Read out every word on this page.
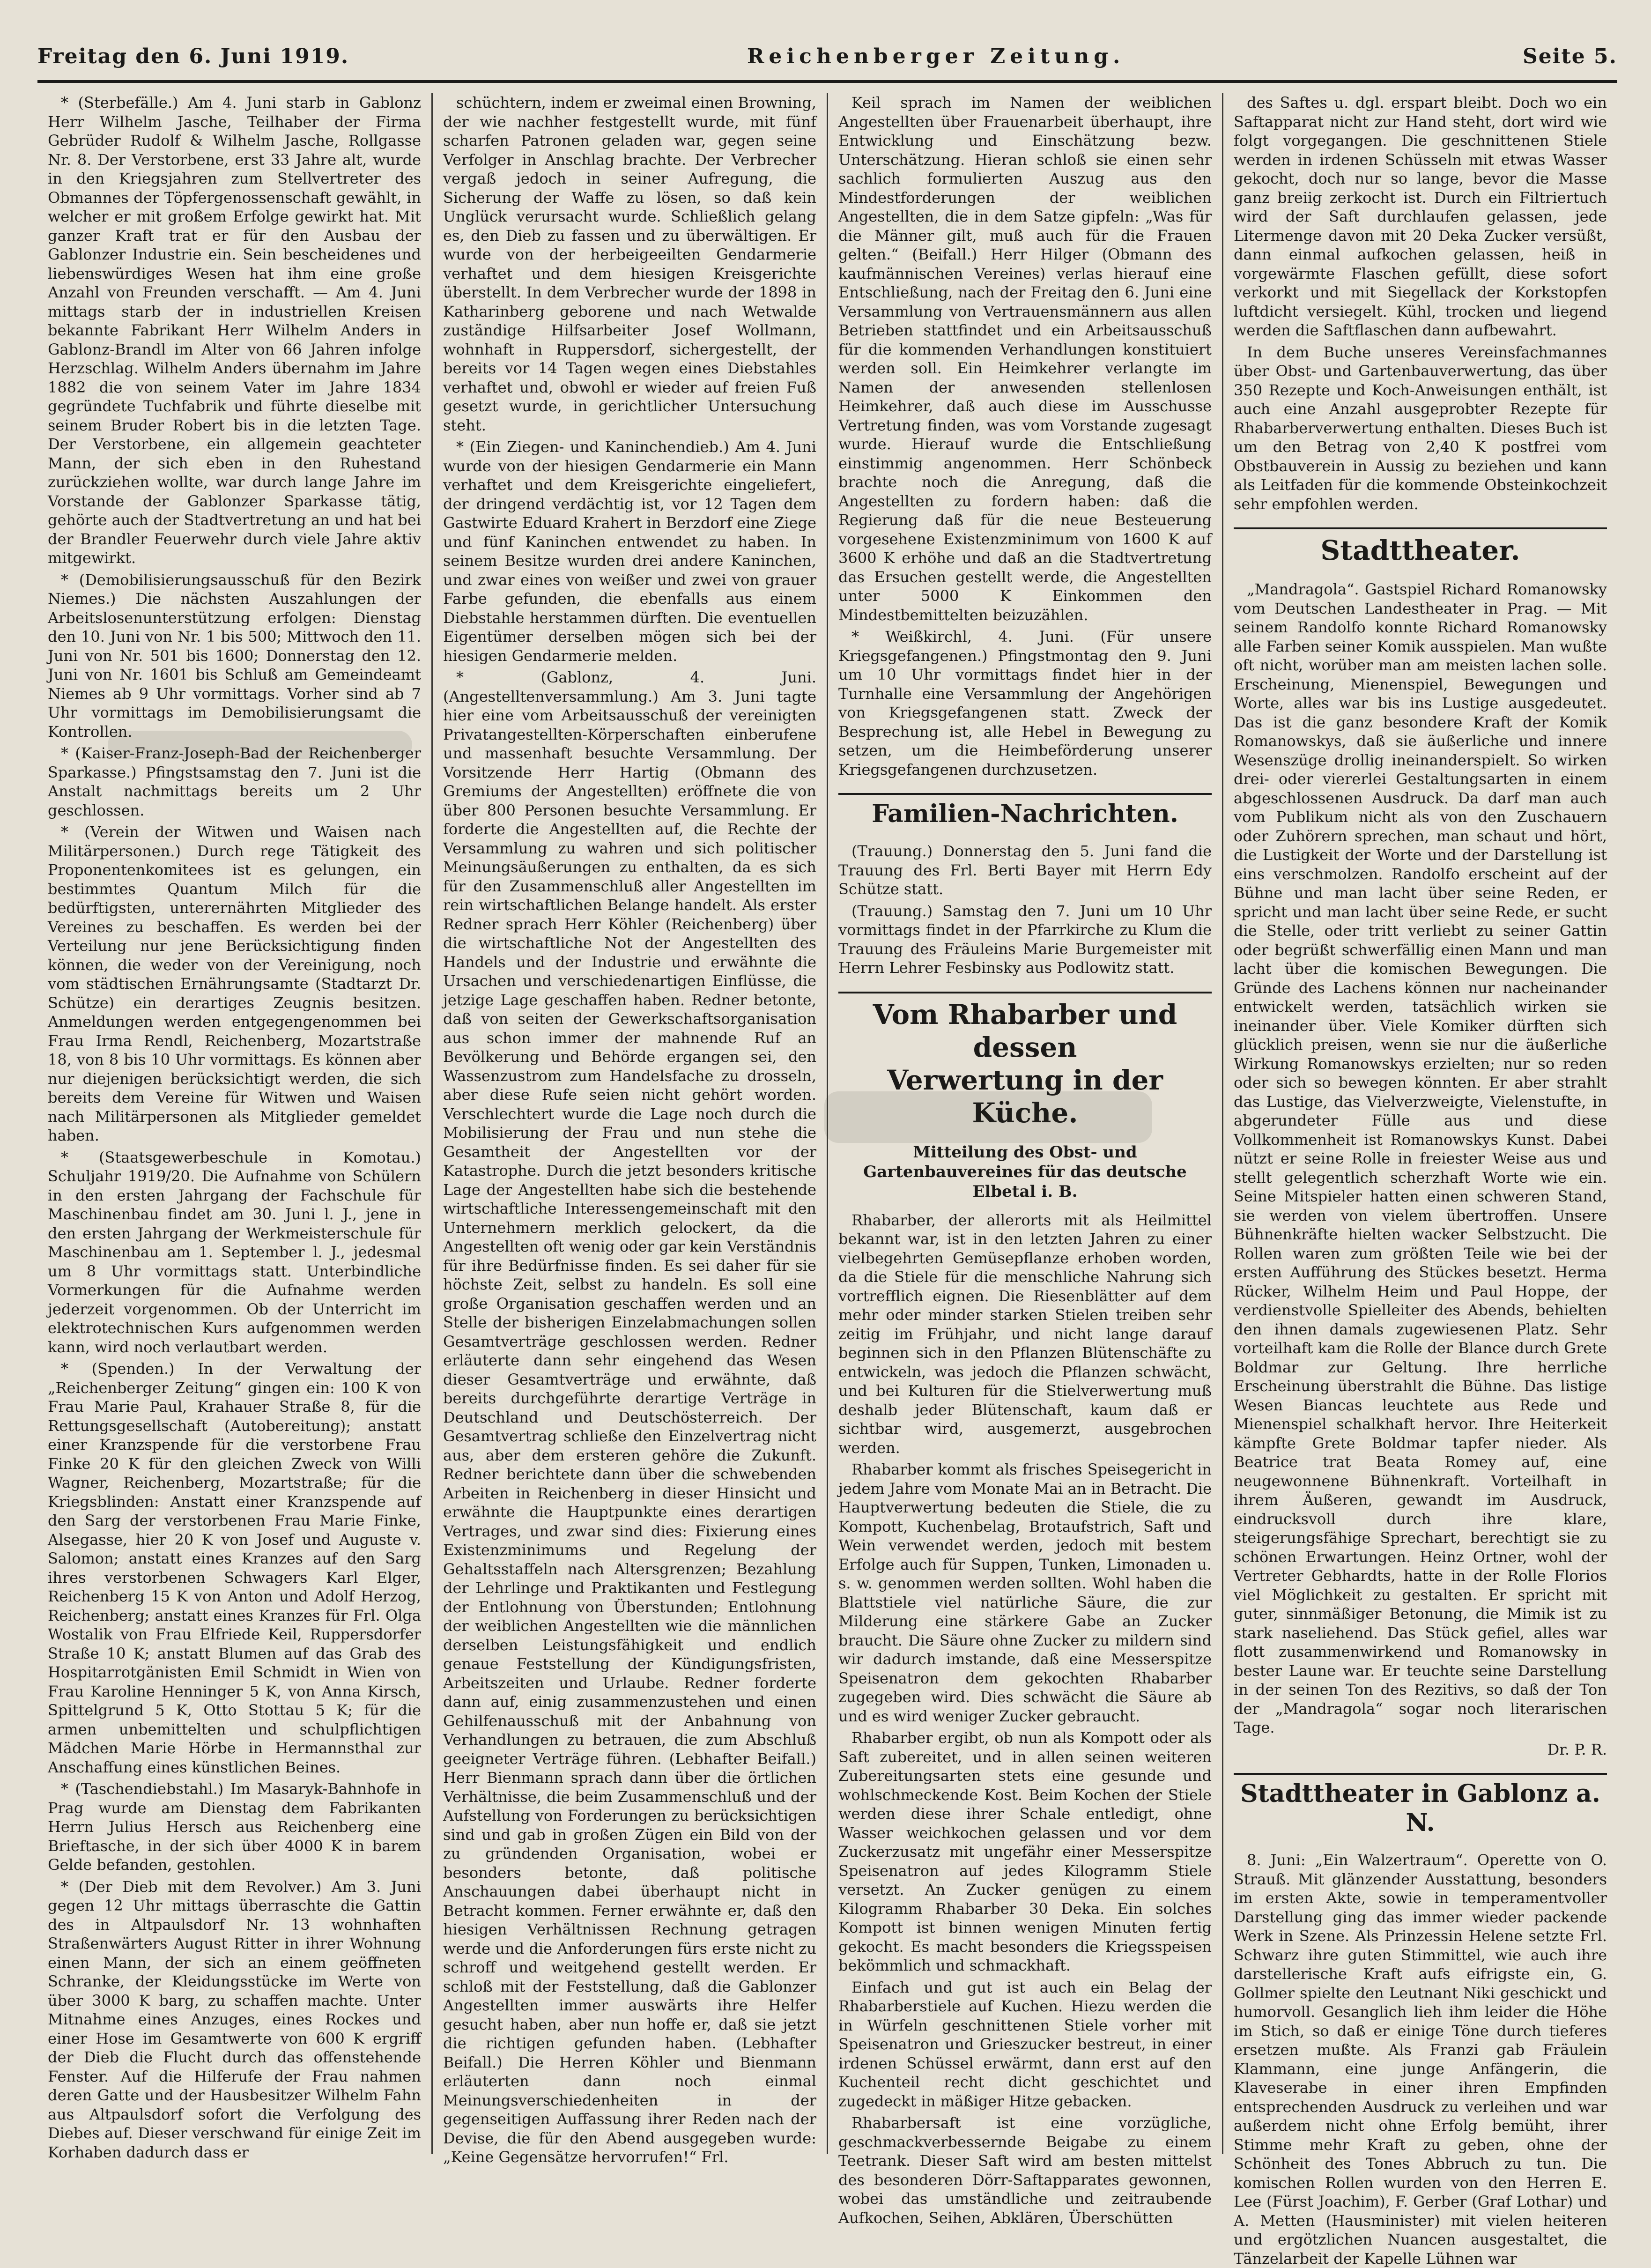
Freitag den 6. Juni 1919.	Reichenberger Zeitung.	Seite 5.

* (Sterbefälle.) Am 4. Juni starb in Gablonz Herr Wilhelm Jasche, Teilhaber der Firma Gebrüder Rudolf & Wilhelm Jasche, Rollgasse Nr. 8. Der Verstorbene, erst 33 Jahre alt, wurde in den Kriegsjahren zum Stellvertreter des Obmannes der Töpfergenossenschaft gewählt, in welcher er mit großem Erfolge gewirkt hat. Mit ganzer Kraft trat er für den Ausbau der Gablonzer Industrie ein. Sein bescheidenes und liebenswürdiges Wesen hat ihm eine große Anzahl von Freunden verschafft. — Am 4. Juni mittags starb der in industriellen Kreisen bekannte Fabrikant Herr Wilhelm Anders in Gablonz-Brandl im Alter von 66 Jahren infolge Herzschlag. Wilhelm Anders übernahm im Jahre 1882 die von seinem Vater im Jahre 1834 gegründete Tuchfabrik und führte dieselbe mit seinem Bruder Robert bis in die letzten Tage. Der Verstorbene, ein allgemein geachteter Mann, der sich eben in den Ruhestand zurückziehen wollte, war durch lange Jahre im Vorstande der Gablonzer Sparkasse tätig, gehörte auch der Stadtvertretung an und hat bei der Brandler Feuerwehr durch viele Jahre aktiv mitgewirkt.

* (Demobilisierungsausschuß für den Bezirk Niemes.) Die nächsten Auszahlungen der Arbeitslosenunterstützung erfolgen: Dienstag den 10. Juni von Nr. 1 bis 500; Mittwoch den 11. Juni von Nr. 501 bis 1600; Donnerstag den 12. Juni von Nr. 1601 bis Schluß am Gemeindeamt Niemes ab 9 Uhr vormittags. Vorher sind ab 7 Uhr vormittags im Demobilisierungsamt die Kontrollen.

* (Kaiser-Franz-Joseph-Bad der Reichenberger Sparkasse.) Pfingstsamstag den 7. Juni ist die Anstalt nachmittags bereits um 2 Uhr geschlossen.

* (Verein der Witwen und Waisen nach Militärpersonen.) Durch rege Tätigkeit des Proponentenkomitees ist es gelungen, ein bestimmtes Quantum Milch für die bedürftigsten, unterernährten Mitglieder des Vereines zu beschaffen. Es werden bei der Verteilung nur jene Berücksichtigung finden können, die weder von der Vereinigung, noch vom städtischen Ernährungsamte (Stadtarzt Dr. Schütze) ein derartiges Zeugnis besitzen. Anmeldungen werden entgegengenommen bei Frau Irma Rendl, Reichenberg, Mozartstraße 18, von 8 bis 10 Uhr vormittags. Es können aber nur diejenigen berücksichtigt werden, die sich bereits dem Vereine für Witwen und Waisen nach Militärpersonen als Mitglieder gemeldet haben.

* (Staatsgewerbeschule in Komotau.) Schuljahr 1919/20. Die Aufnahme von Schülern in den ersten Jahrgang der Fachschule für Maschinenbau findet am 30. Juni l. J., jene in den ersten Jahrgang der Werkmeisterschule für Maschinenbau am 1. September l. J., jedesmal um 8 Uhr vormittags statt. Unterbindliche Vormerkungen für die Aufnahme werden jederzeit vorgenommen. Ob der Unterricht im elektrotechnischen Kurs aufgenommen werden kann, wird noch verlautbart werden.

* (Spenden.) In der Verwaltung der „Reichenberger Zeitung“ gingen ein: 100 K von Frau Marie Paul, Krahauer Straße 8, für die Rettungsgesellschaft (Autobereitung); anstatt einer Kranzspende für die verstorbene Frau Finke 20 K für den gleichen Zweck von Willi Wagner, Reichenberg, Mozartstraße; für die Kriegsblinden: Anstatt einer Kranzspende auf den Sarg der verstorbenen Frau Marie Finke, Alsegasse, hier 20 K von Josef und Auguste v. Salomon; anstatt eines Kranzes auf den Sarg ihres verstorbenen Schwagers Karl Elger, Reichenberg 15 K von Anton und Adolf Herzog, Reichenberg; anstatt eines Kranzes für Frl. Olga Wostalik von Frau Elfriede Keil, Ruppersdorfer Straße 10 K; anstatt Blumen auf das Grab des Hospitarrotgänisten Emil Schmidt in Wien von Frau Karoline Henninger 5 K, von Anna Kirsch, Spittelgrund 5 K, Otto Stottau 5 K; für die armen unbemittelten und schulpflichtigen Mädchen Marie Hörbe in Hermannsthal zur Anschaffung eines künstlichen Beines.

* (Taschendiebstahl.) Im Masaryk-Bahnhofe in Prag wurde am Dienstag dem Fabrikanten Herrn Julius Hersch aus Reichenberg eine Brieftasche, in der sich über 4000 K in barem Gelde befanden, gestohlen.

* (Der Dieb mit dem Revolver.) Am 3. Juni gegen 12 Uhr mittags überraschte die Gattin des in Altpaulsdorf Nr. 13 wohnhaften Straßenwärters August Ritter in ihrer Wohnung einen Mann, der sich an einem geöffneten Schranke, der Kleidungsstücke im Werte von über 3000 K barg, zu schaffen machte. Unter Mitnahme eines Anzuges, eines Rockes und einer Hose im Gesamtwerte von 600 K ergriff der Dieb die Flucht durch das offenstehende Fenster. Auf die Hilferufe der Frau nahmen deren Gatte und der Hausbesitzer Wilhelm Fahn aus Altpaulsdorf sofort die Verfolgung des Diebes auf. Dieser verschwand für einige Zeit im Korhaben dadurch dass er

schüchtern, indem er zweimal einen Browning, der wie nachher festgestellt wurde, mit fünf scharfen Patronen geladen war, gegen seine Verfolger in Anschlag brachte. Der Verbrecher vergaß jedoch in seiner Aufregung, die Sicherung der Waffe zu lösen, so daß kein Unglück verursacht wurde. Schließlich gelang es, den Dieb zu fassen und zu überwältigen. Er wurde von der herbeigeeilten Gendarmerie verhaftet und dem hiesigen Kreisgerichte überstellt. In dem Verbrecher wurde der 1898 in Katharinberg geborene und nach Wetwalde zuständige Hilfsarbeiter Josef Wollmann, wohnhaft in Ruppersdorf, sichergestellt, der bereits vor 14 Tagen wegen eines Diebstahles verhaftet und, obwohl er wieder auf freien Fuß gesetzt wurde, in gerichtlicher Untersuchung steht.

* (Ein Ziegen- und Kaninchendieb.) Am 4. Juni wurde von der hiesigen Gendarmerie ein Mann verhaftet und dem Kreisgerichte eingeliefert, der dringend verdächtig ist, vor 12 Tagen dem Gastwirte Eduard Krahert in Berzdorf eine Ziege und fünf Kaninchen entwendet zu haben. In seinem Besitze wurden drei andere Kaninchen, und zwar eines von weißer und zwei von grauer Farbe gefunden, die ebenfalls aus einem Diebstahle herstammen dürften. Die eventuellen Eigentümer derselben mögen sich bei der hiesigen Gendarmerie melden.

* (Gablonz, 4. Juni. (Angestelltenversammlung.) Am 3. Juni tagte hier eine vom Arbeitsausschuß der vereinigten Privatangestellten-Körperschaften einberufene und massenhaft besuchte Versammlung. Der Vorsitzende Herr Hartig (Obmann des Gremiums der Angestellten) eröffnete die von über 800 Personen besuchte Versammlung. Er forderte die Angestellten auf, die Rechte der Versammlung zu wahren und sich politischer Meinungsäußerungen zu enthalten, da es sich für den Zusammenschluß aller Angestellten im rein wirtschaftlichen Belange handelt. Als erster Redner sprach Herr Köhler (Reichenberg) über die wirtschaftliche Not der Angestellten des Handels und der Industrie und erwähnte die Ursachen und verschiedenartigen Einflüsse, die jetzige Lage geschaffen haben. Redner betonte, daß von seiten der Gewerkschaftsorganisation aus schon immer der mahnende Ruf an Bevölkerung und Behörde ergangen sei, den Wassenzustrom zum Handelsfache zu drosseln, aber diese Rufe seien nicht gehört worden. Verschlechtert wurde die Lage noch durch die Mobilisierung der Frau und nun stehe die Gesamtheit der Angestellten vor der Katastrophe. Durch die jetzt besonders kritische Lage der Angestellten habe sich die bestehende wirtschaftliche Interessengemeinschaft mit den Unternehmern merklich gelockert, da die Angestellten oft wenig oder gar kein Verständnis für ihre Bedürfnisse finden. Es sei daher für sie höchste Zeit, selbst zu handeln. Es soll eine große Organisation geschaffen werden und an Stelle der bisherigen Einzelabmachungen sollen Gesamtverträge geschlossen werden. Redner erläuterte dann sehr eingehend das Wesen dieser Gesamtverträge und erwähnte, daß bereits durchgeführte derartige Verträge in Deutschland und Deutschösterreich. Der Gesamtvertrag schließe den Einzelvertrag nicht aus, aber dem ersteren gehöre die Zukunft. Redner berichtete dann über die schwebenden Arbeiten in Reichenberg in dieser Hinsicht und erwähnte die Hauptpunkte eines derartigen Vertrages, und zwar sind dies: Fixierung eines Existenzminimums und Regelung der Gehaltsstaffeln nach Altersgrenzen; Bezahlung der Lehrlinge und Praktikanten und Festlegung der Entlohnung von Überstunden; Entlohnung der weiblichen Angestellten wie die männlichen derselben Leistungsfähigkeit und endlich genaue Feststellung der Kündigungsfristen, Arbeitszeiten und Urlaube. Redner forderte dann auf, einig zusammenzustehen und einen Gehilfenausschuß mit der Anbahnung von Verhandlungen zu betrauen, die zum Abschluß geeigneter Verträge führen. (Lebhafter Beifall.) Herr Bienmann sprach dann über die örtlichen Verhältnisse, die beim Zusammenschluß und der Aufstellung von Forderungen zu berücksichtigen sind und gab in großen Zügen ein Bild von der zu gründenden Organisation, wobei er besonders betonte, daß politische Anschauungen dabei überhaupt nicht in Betracht kommen. Ferner erwähnte er, daß den hiesigen Verhältnissen Rechnung getragen werde und die Anforderungen fürs erste nicht zu schroff und weitgehend gestellt werden. Er schloß mit der Feststellung, daß die Gablonzer Angestellten immer auswärts ihre Helfer gesucht haben, aber nun hoffe er, daß sie jetzt die richtigen gefunden haben. (Lebhafter Beifall.) Die Herren Köhler und Bienmann erläuterten dann noch einmal Meinungsverschiedenheiten in der gegenseitigen Auffassung ihrer Reden nach der Devise, die für den Abend ausgegeben wurde: „Keine Gegensätze hervorrufen!“ Frl.

Keil sprach im Namen der weiblichen Angestellten über Frauenarbeit überhaupt, ihre Entwicklung und Einschätzung bezw. Unterschätzung. Hieran schloß sie einen sehr sachlich formulierten Auszug aus den Mindestforderungen der weiblichen Angestellten, die in dem Satze gipfeln: „Was für die Männer gilt, muß auch für die Frauen gelten.“ (Beifall.) Herr Hilger (Obmann des kaufmännischen Vereines) verlas hierauf eine Entschließung, nach der Freitag den 6. Juni eine Versammlung von Vertrauensmännern aus allen Betrieben stattfindet und ein Arbeitsausschuß für die kommenden Verhandlungen konstituiert werden soll. Ein Heimkehrer verlangte im Namen der anwesenden stellenlosen Heimkehrer, daß auch diese im Ausschusse Vertretung finden, was vom Vorstande zugesagt wurde. Hierauf wurde die Entschließung einstimmig angenommen. Herr Schönbeck brachte noch die Anregung, daß die Angestellten zu fordern haben: daß die Regierung daß für die neue Besteuerung vorgesehene Existenzminimum von 1600 K auf 3600 K erhöhe und daß an die Stadtvertretung das Ersuchen gestellt werde, die Angestellten unter 5000 K Einkommen den Mindestbemittelten beizuzählen.

* Weißkirchl, 4. Juni. (Für unsere Kriegsgefangenen.) Pfingstmontag den 9. Juni um 10 Uhr vormittags findet hier in der Turnhalle eine Versammlung der Angehörigen von Kriegsgefangenen statt. Zweck der Besprechung ist, alle Hebel in Bewegung zu setzen, um die Heimbeförderung unserer Kriegsgefangenen durchzusetzen.

Familien-Nachrichten.

(Trauung.) Donnerstag den 5. Juni fand die Trauung des Frl. Berti Bayer mit Herrn Edy Schütze statt.

(Trauung.) Samstag den 7. Juni um 10 Uhr vormittags findet in der Pfarrkirche zu Klum die Trauung des Fräuleins Marie Burgemeister mit Herrn Lehrer Fesbinsky aus Podlowitz statt.

Vom Rhabarber und dessen
Verwertung in der Küche.
Mitteilung des Obst- und Gartenbauvereines für das deutsche Elbetal i. B.

Rhabarber, der allerorts mit als Heilmittel bekannt war, ist in den letzten Jahren zu einer vielbegehrten Gemüsepflanze erhoben worden, da die Stiele für die menschliche Nahrung sich vortrefflich eignen. Die Riesenblätter auf dem mehr oder minder starken Stielen treiben sehr zeitig im Frühjahr, und nicht lange darauf beginnen sich in den Pflanzen Blütenschäfte zu entwickeln, was jedoch die Pflanzen schwächt, und bei Kulturen für die Stielverwertung muß deshalb jeder Blütenschaft, kaum daß er sichtbar wird, ausgemerzt, ausgebrochen werden.

Rhabarber kommt als frisches Speisegericht in jedem Jahre vom Monate Mai an in Betracht. Die Hauptverwertung bedeuten die Stiele, die zu Kompott, Kuchenbelag, Brotaufstrich, Saft und Wein verwendet werden, jedoch mit bestem Erfolge auch für Suppen, Tunken, Limonaden u. s. w. genommen werden sollten. Wohl haben die Blattstiele viel natürliche Säure, die zur Milderung eine stärkere Gabe an Zucker braucht. Die Säure ohne Zucker zu mildern sind wir dadurch imstande, daß eine Messerspitze Speisenatron dem gekochten Rhabarber zugegeben wird. Dies schwächt die Säure ab und es wird weniger Zucker gebraucht.

Rhabarber ergibt, ob nun als Kompott oder als Saft zubereitet, und in allen seinen weiteren Zubereitungsarten stets eine gesunde und wohlschmeckende Kost. Beim Kochen der Stiele werden diese ihrer Schale entledigt, ohne Wasser weichkochen gelassen und vor dem Zuckerzusatz mit ungefähr einer Messerspitze Speisenatron auf jedes Kilogramm Stiele versetzt. An Zucker genügen zu einem Kilogramm Rhabarber 30 Deka. Ein solches Kompott ist binnen wenigen Minuten fertig gekocht. Es macht besonders die Kriegsspeisen bekömmlich und schmackhaft.

Einfach und gut ist auch ein Belag der Rhabarberstiele auf Kuchen. Hiezu werden die in Würfeln geschnittenen Stiele vorher mit Speisenatron und Grieszucker bestreut, in einer irdenen Schüssel erwärmt, dann erst auf den Kuchenteil recht dicht geschichtet und zugedeckt in mäßiger Hitze gebacken.

Rhabarbersaft ist eine vorzügliche, geschmackverbessernde Beigabe zu einem Teetrank. Dieser Saft wird am besten mittelst des besonderen Dörr-Saftapparates gewonnen, wobei das umständliche und zeitraubende Aufkochen, Seihen, Abklären, Überschütten

des Saftes u. dgl. erspart bleibt. Doch wo ein Saftapparat nicht zur Hand steht, dort wird wie folgt vorgegangen. Die geschnittenen Stiele werden in irdenen Schüsseln mit etwas Wasser gekocht, doch nur so lange, bevor die Masse ganz breiig zerkocht ist. Durch ein Filtriertuch wird der Saft durchlaufen gelassen, jede Litermenge davon mit 20 Deka Zucker versüßt, dann einmal aufkochen gelassen, heiß in vorgewärmte Flaschen gefüllt, diese sofort verkorkt und mit Siegellack der Korkstopfen luftdicht versiegelt. Kühl, trocken und liegend werden die Saftflaschen dann aufbewahrt.

In dem Buche unseres Vereinsfachmannes über Obst- und Gartenbauverwertung, das über 350 Rezepte und Koch-Anweisungen enthält, ist auch eine Anzahl ausgeprobter Rezepte für Rhabarberverwertung enthalten. Dieses Buch ist um den Betrag von 2,40 K postfrei vom Obstbauverein in Aussig zu beziehen und kann als Leitfaden für die kommende Obsteinkochzeit sehr empfohlen werden.

Stadttheater.

„Mandragola“. Gastspiel Richard Romanowsky vom Deutschen Landestheater in Prag. — Mit seinem Randolfo konnte Richard Romanowsky alle Farben seiner Komik ausspielen. Man wußte oft nicht, worüber man am meisten lachen solle. Erscheinung, Mienenspiel, Bewegungen und Worte, alles war bis ins Lustige ausgedeutet. Das ist die ganz besondere Kraft der Komik Romanowskys, daß sie äußerliche und innere Wesenszüge drollig ineinanderspielt. So wirken drei- oder viererlei Gestaltungsarten in einem abgeschlossenen Ausdruck. Da darf man auch vom Publikum nicht als von den Zuschauern oder Zuhörern sprechen, man schaut und hört, die Lustigkeit der Worte und der Darstellung ist eins verschmolzen. Randolfo erscheint auf der Bühne und man lacht über seine Reden, er spricht und man lacht über seine Rede, er sucht die Stelle, oder tritt verliebt zu seiner Gattin oder begrüßt schwerfällig einen Mann und man lacht über die komischen Bewegungen. Die Gründe des Lachens können nur nacheinander entwickelt werden, tatsächlich wirken sie ineinander über. Viele Komiker dürften sich glücklich preisen, wenn sie nur die äußerliche Wirkung Romanowskys erzielten; nur so reden oder sich so bewegen könnten. Er aber strahlt das Lustige, das Vielverzweigte, Vielenstufte, in abgerundeter Fülle aus und diese Vollkommenheit ist Romanowskys Kunst. Dabei nützt er seine Rolle in freiester Weise aus und stellt gelegentlich scherzhaft Worte wie ein. Seine Mitspieler hatten einen schweren Stand, sie werden von vielem übertroffen. Unsere Bühnenkräfte hielten wacker Selbstzucht. Die Rollen waren zum größten Teile wie bei der ersten Aufführung des Stückes besetzt. Herma Rücker, Wilhelm Heim und Paul Hoppe, der verdienstvolle Spielleiter des Abends, behielten den ihnen damals zugewiesenen Platz. Sehr vorteilhaft kam die Rolle der Blance durch Grete Boldmar zur Geltung. Ihre herrliche Erscheinung überstrahlt die Bühne. Das listige Wesen Biancas leuchtete aus Rede und Mienenspiel schalkhaft hervor. Ihre Heiterkeit kämpfte Grete Boldmar tapfer nieder. Als Beatrice trat Beata Romey auf, eine neugewonnene Bühnenkraft. Vorteilhaft in ihrem Äußeren, gewandt im Ausdruck, eindrucksvoll durch ihre klare, steigerungsfähige Sprechart, berechtigt sie zu schönen Erwartungen. Heinz Ortner, wohl der Vertreter Gebhardts, hatte in der Rolle Florios viel Möglichkeit zu gestalten. Er spricht mit guter, sinnmäßiger Betonung, die Mimik ist zu stark naseliehend. Das Stück gefiel, alles war flott zusammenwirkend und Romanowsky in bester Laune war. Er teuchte seine Darstellung in der seinen Ton des Rezitivs, so daß der Ton der „Mandragola“ sogar noch literarischen Tage.

Dr. P. R.
Stadttheater in Gablonz a. N.

8. Juni: „Ein Walzertraum“. Operette von O. Strauß. Mit glänzender Ausstattung, besonders im ersten Akte, sowie in temperamentvoller Darstellung ging das immer wieder packende Werk in Szene. Als Prinzessin Helene setzte Frl. Schwarz ihre guten Stimmittel, wie auch ihre darstellerische Kraft aufs eifrigste ein, G. Gollmer spielte den Leutnant Niki geschickt und humorvoll. Gesanglich lieh ihm leider die Höhe im Stich, so daß er einige Töne durch tieferes ersetzen mußte. Als Franzi gab Fräulein Klammann, eine junge Anfängerin, die Klaveserabe in einer ihren Empfinden entsprechenden Ausdruck zu verleihen und war außerdem nicht ohne Erfolg bemüht, ihrer Stimme mehr Kraft zu geben, ohne der Schönheit des Tones Abbruch zu tun. Die komischen Rollen wurden von den Herren E. Lee (Fürst Joachim), F. Gerber (Graf Lothar) und A. Metten (Hausminister) mit vielen heiteren und ergötzlichen Nuancen ausgestaltet, die Tänzelarbeit der Kapelle Lühnen war
